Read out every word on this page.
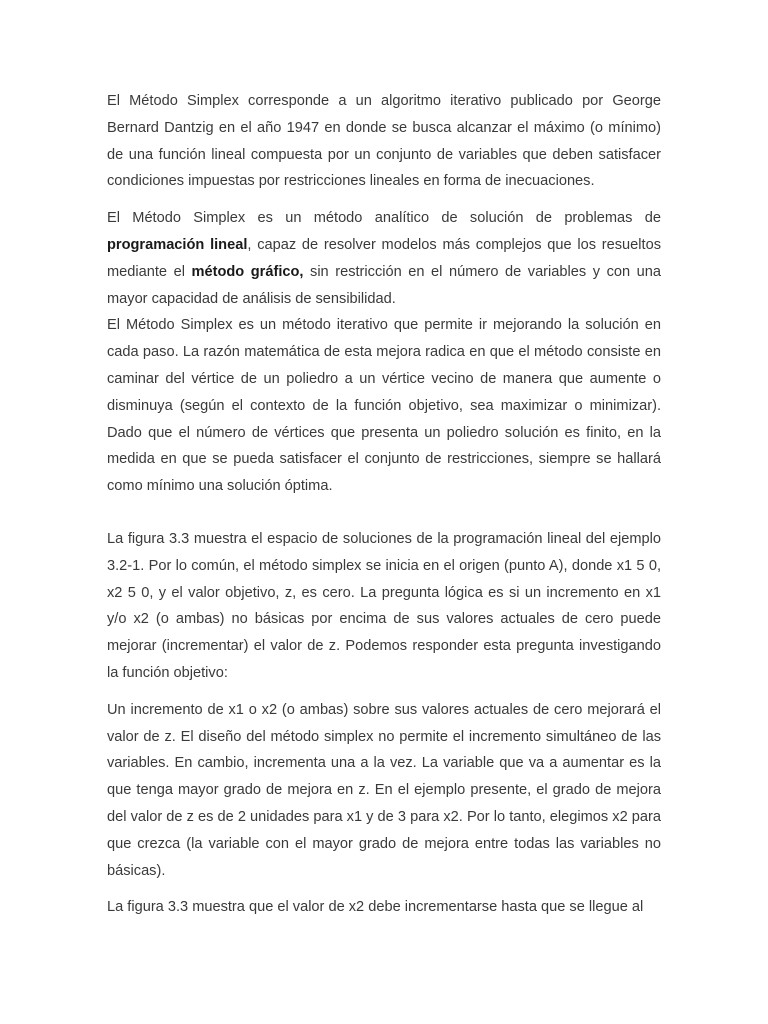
El Método Simplex corresponde a un algoritmo iterativo publicado por George Bernard Dantzig en el año 1947 en donde se busca alcanzar el máximo (o mínimo) de una función lineal compuesta por un conjunto de variables que deben satisfacer condiciones impuestas por restricciones lineales en forma de inecuaciones.

El Método Simplex es un método analítico de solución de problemas de programación lineal, capaz de resolver modelos más complejos que los resueltos mediante el método gráfico, sin restricción en el número de variables y con una mayor capacidad de análisis de sensibilidad.

El Método Simplex es un método iterativo que permite ir mejorando la solución en cada paso. La razón matemática de esta mejora radica en que el método consiste en caminar del vértice de un poliedro a un vértice vecino de manera que aumente o disminuya (según el contexto de la función objetivo, sea maximizar o minimizar). Dado que el número de vértices que presenta un poliedro solución es finito, en la medida en que se pueda satisfacer el conjunto de restricciones, siempre se hallará como mínimo una solución óptima.

La figura 3.3 muestra el espacio de soluciones de la programación lineal del ejemplo 3.2-1. Por lo común, el método simplex se inicia en el origen (punto A), donde x1 5 0, x2 5 0, y el valor objetivo, z, es cero. La pregunta lógica es si un incremento en x1 y/o x2 (o ambas) no básicas por encima de sus valores actuales de cero puede mejorar (incrementar) el valor de z. Podemos responder esta pregunta investigando la función objetivo:

Un incremento de x1 o x2 (o ambas) sobre sus valores actuales de cero mejorará el valor de z. El diseño del método simplex no permite el incremento simultáneo de las variables. En cambio, incrementa una a la vez. La variable que va a aumentar es la que tenga mayor grado de mejora en z. En el ejemplo presente, el grado de mejora del valor de z es de 2 unidades para x1 y de 3 para x2. Por lo tanto, elegimos x2 para que crezca (la variable con el mayor grado de mejora entre todas las variables no básicas).

La figura 3.3 muestra que el valor de x2 debe incrementarse hasta que se llegue al
